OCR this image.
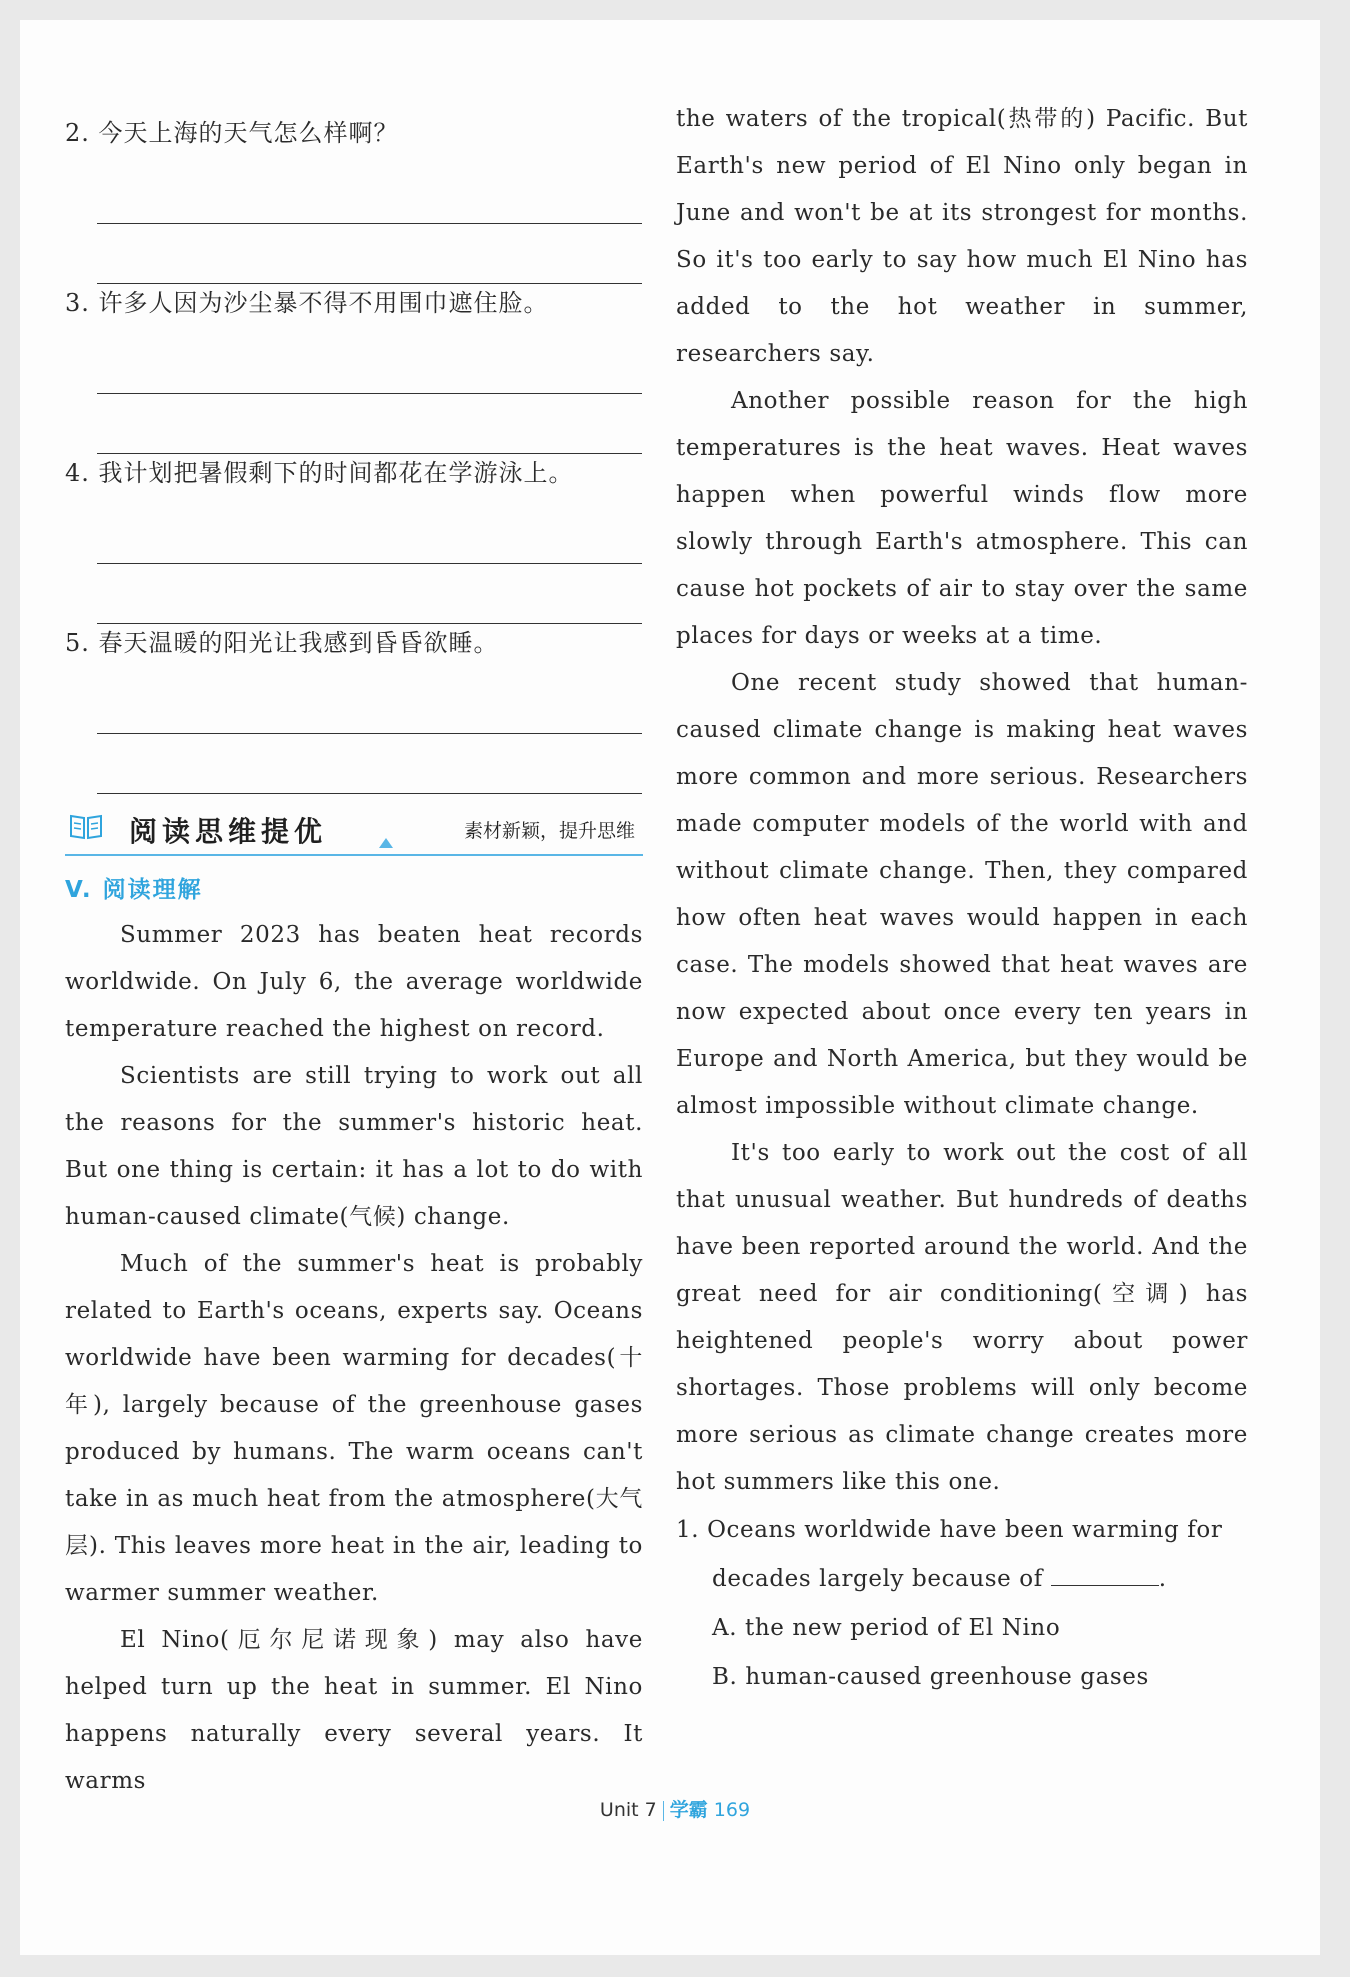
2. 今天上海的天气怎么样啊？
3. 许多人因为沙尘暴不得不用围巾遮住脸。
4. 我计划把暑假剩下的时间都花在学游泳上。
5. 春天温暖的阳光让我感到昏昏欲睡。
阅读思维提优	素材新颖，提升思维
V. 阅读理解

Summer 2023 has beaten heat records worldwide. On July 6, the average worldwide temperature reached the highest on record.

Scientists are still trying to work out all the reasons for the summer's historic heat. But one thing is certain: it has a lot to do with human-caused climate(气候) change.

Much of the summer's heat is probably related to Earth's oceans, experts say. Oceans worldwide have been warming for decades(十年), largely because of the greenhouse gases produced by humans. The warm oceans can't take in as much heat from the atmosphere(大气层). This leaves more heat in the air, leading to warmer summer weather.

El Nino(厄尔尼诺现象) may also have helped turn up the heat in summer. El Nino happens naturally every several years. It warms

the waters of the tropical(热带的) Pacific. But Earth's new period of El Nino only began in June and won't be at its strongest for months. So it's too early to say how much El Nino has added to the hot weather in summer, researchers say.

Another possible reason for the high temperatures is the heat waves. Heat waves happen when powerful winds flow more slowly through Earth's atmosphere. This can cause hot pockets of air to stay over the same places for days or weeks at a time.

One recent study showed that human-caused climate change is making heat waves more common and more serious. Researchers made computer models of the world with and without climate change. Then, they compared how often heat waves would happen in each case. The models showed that heat waves are now expected about once every ten years in Europe and North America, but they would be almost impossible without climate change.

It's too early to work out the cost of all that unusual weather. But hundreds of deaths have been reported around the world. And the great need for air conditioning(空调) has heightened people's worry about power shortages. Those problems will only become more serious as climate change creates more hot summers like this one.

1. Oceans worldwide have been warming for decades largely because of	.

A. the new period of El Nino

B. human-caused greenhouse gases

Unit 7 学霸 169
